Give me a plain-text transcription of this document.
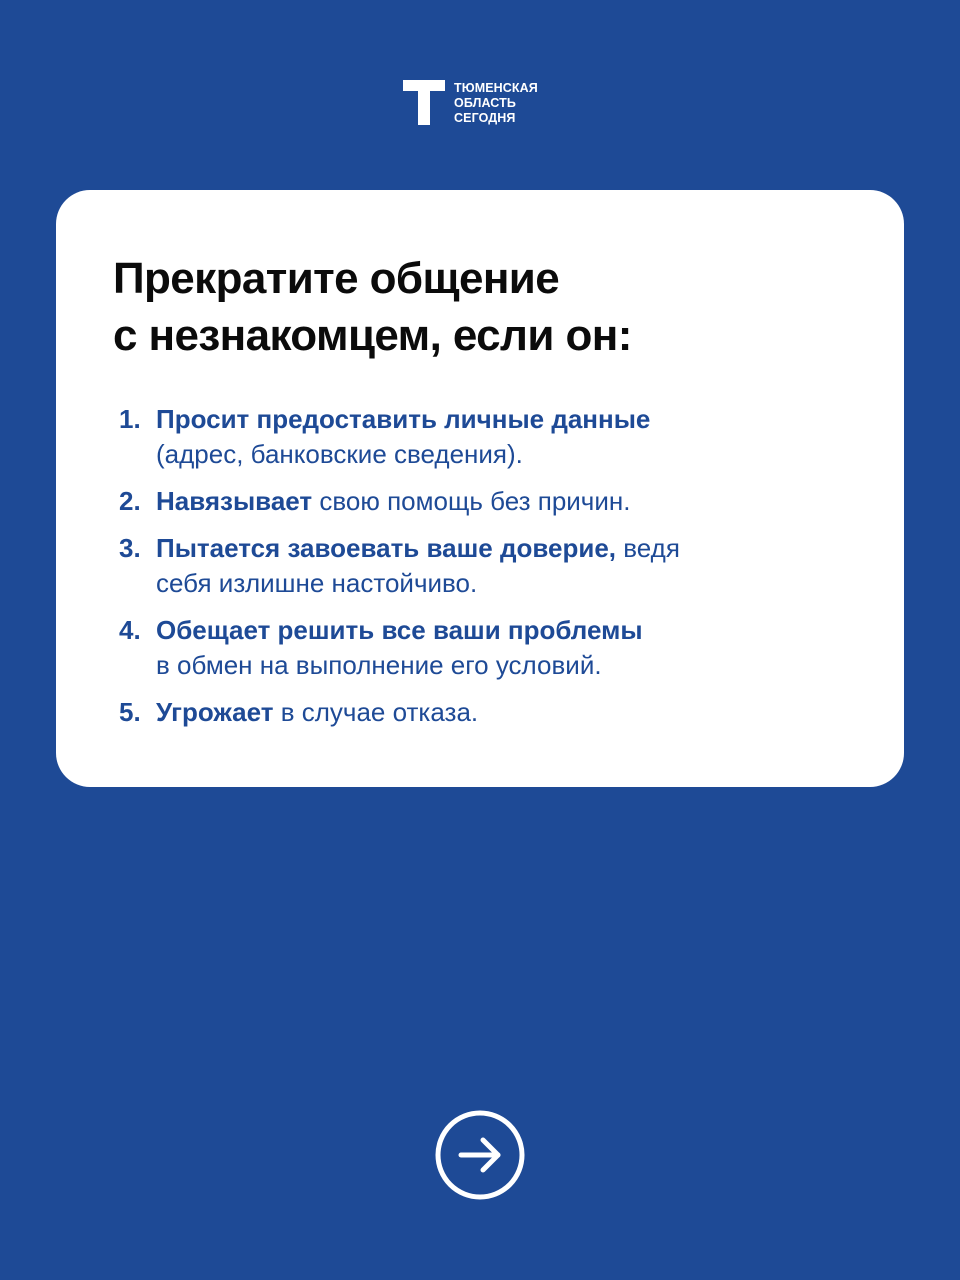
ТЮМЕНСКАЯ
ОБЛАСТЬ
СЕГОДНЯ
Прекратите общение
с незнакомцем, если он:
1. Просит предоставить личные данные
(адрес, банковские сведения).
2. Навязывает свою помощь без причин.
3. Пытается завоевать ваше доверие, ведя
себя излишне настойчиво.
4. Обещает решить все ваши проблемы
в обмен на выполнение его условий.
5. Угрожает в случае отказа.
